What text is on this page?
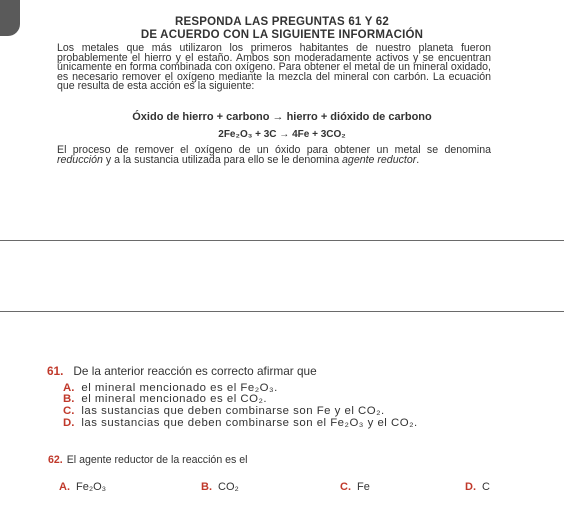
RESPONDA LAS PREGUNTAS 61 Y 62
DE ACUERDO CON LA SIGUIENTE INFORMACIÓN
Los metales que más utilizaron los primeros habitantes de nuestro planeta fueron probablemente el hierro y el estaño. Ambos son moderadamente activos y se encuentran únicamente en forma combinada con oxígeno. Para obtener el metal de un mineral oxidado, es necesario remover el oxígeno mediante la mezcla del mineral con carbón. La ecuación que resulta de esta acción es la siguiente:
Óxido de hierro + carbono → hierro + dióxido de carbono
2Fe₂O₃ + 3C → 4Fe + 3CO₂
El proceso de remover el oxígeno de un óxido para obtener un metal se denomina reducción y a la sustancia utilizada para ello se le denomina agente reductor.
61. De la anterior reacción es correcto afirmar que
A. el mineral mencionado es el Fe₂O₃.
B. el mineral mencionado es el CO₂.
C. las sustancias que deben combinarse son Fe y el CO₂.
D. las sustancias que deben combinarse son el Fe₂O₃ y el CO₂.
62. El agente reductor de la reacción es el
A. Fe₂O₃	B. CO₂	C. Fe	D. C
